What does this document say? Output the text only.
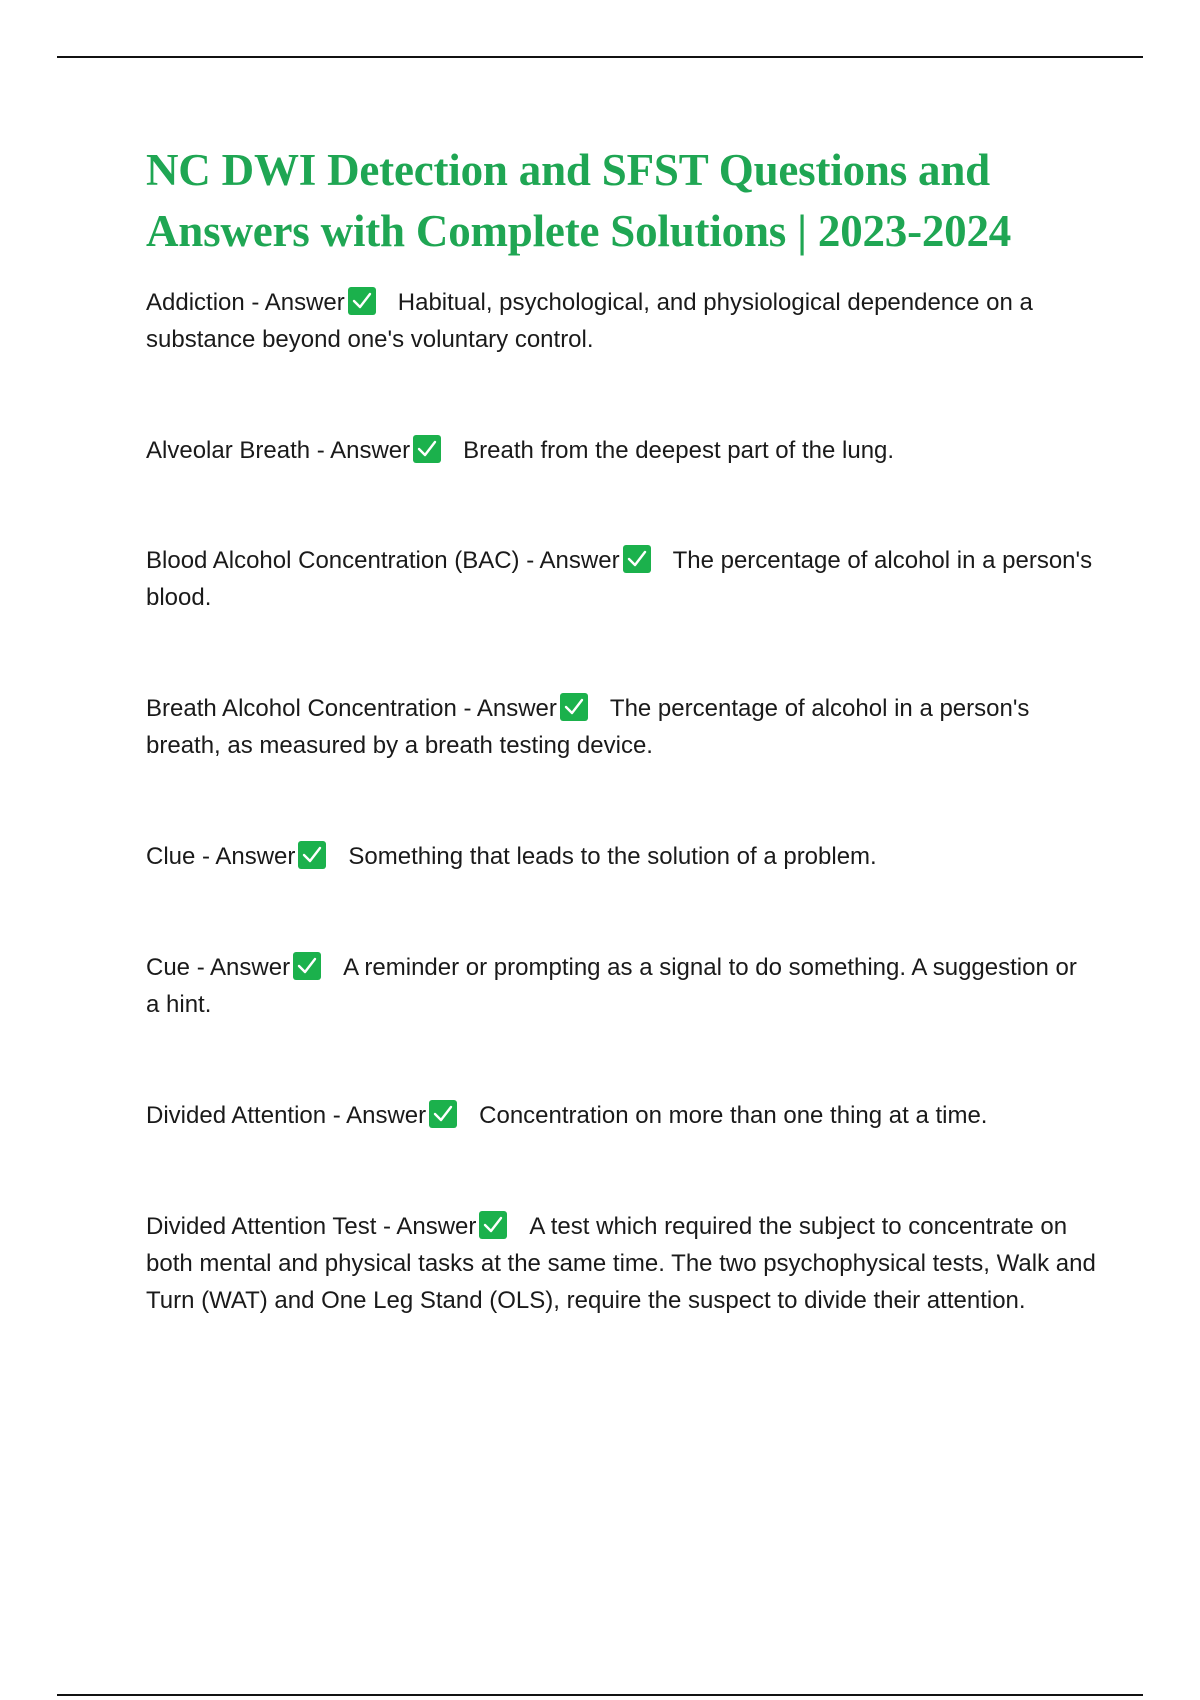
NC DWI Detection and SFST Questions and Answers with Complete Solutions | 2023-2024

Addiction - Answer Habitual, psychological, and physiological dependence on a substance beyond one's voluntary control.

Alveolar Breath - Answer Breath from the deepest part of the lung.

Blood Alcohol Concentration (BAC) - Answer The percentage of alcohol in a person's blood.

Breath Alcohol Concentration - Answer The percentage of alcohol in a person's breath, as measured by a breath testing device.

Clue - Answer Something that leads to the solution of a problem.

Cue - Answer A reminder or prompting as a signal to do something. A suggestion or a hint.

Divided Attention - Answer Concentration on more than one thing at a time.

Divided Attention Test - Answer A test which required the subject to concentrate on both mental and physical tasks at the same time. The two psychophysical tests, Walk and Turn (WAT) and One Leg Stand (OLS), require the suspect to divide their attention.
